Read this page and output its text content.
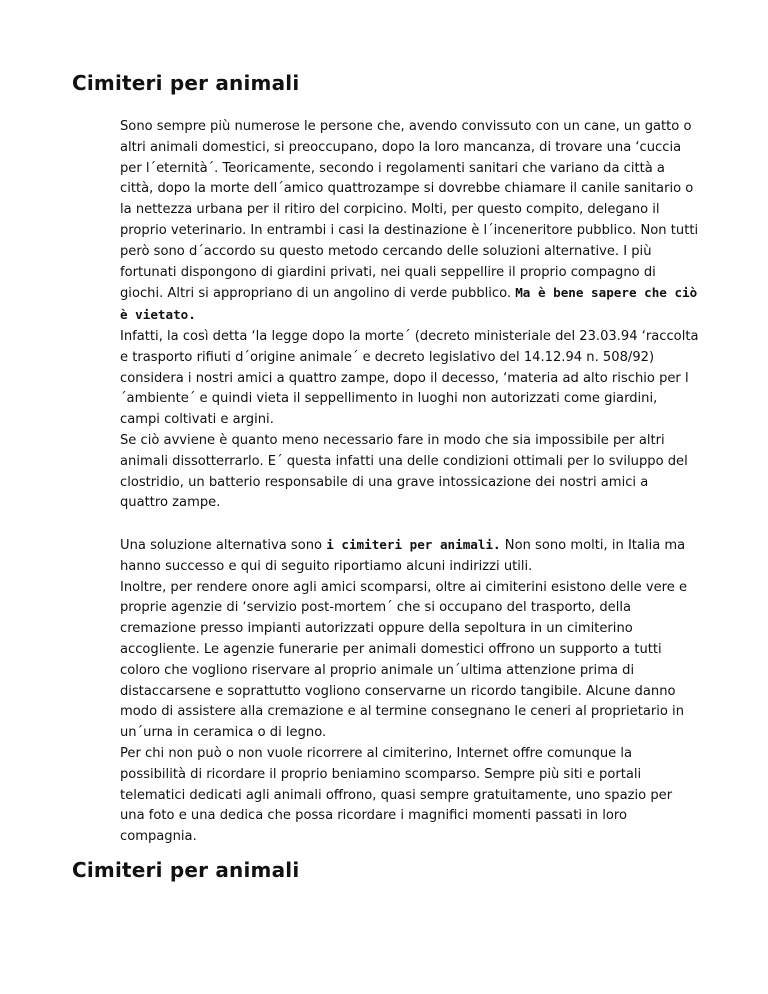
Cimiteri per animali

Sono sempre più numerose le persone che, avendo convissuto con un cane, un gatto o altri animali domestici, si preoccupano, dopo la loro mancanza, di trovare una ‘cuccia per l´eternità´. Teoricamente, secondo i regolamenti sanitari che variano da città a città, dopo la morte dell´amico quattrozampe si dovrebbe chiamare il canile sanitario o la nettezza urbana per il ritiro del corpicino. Molti, per questo compito, delegano il proprio veterinario. In entrambi i casi la destinazione è l´inceneritore pubblico. Non tutti però sono d´accordo su questo metodo cercando delle soluzioni alternative. I più fortunati dispongono di giardini privati, nei quali seppellire il proprio compagno di giochi. Altri si appropriano di un angolino di verde pubblico. Ma è bene sapere che ciò è vietato.

Infatti, la così detta ‘la legge dopo la morte´ (decreto ministeriale del 23.03.94 ‘raccolta e trasporto rifiuti d´origine animale´ e decreto legislativo del 14.12.94 n. 508/92) considera i nostri amici a quattro zampe, dopo il decesso, ‘materia ad alto rischio per l´ambiente´ e quindi vieta il seppellimento in luoghi non autorizzati come giardini, campi coltivati e argini.

Se ciò avviene è quanto meno necessario fare in modo che sia impossibile per altri animali dissotterrarlo. E´ questa infatti una delle condizioni ottimali per lo sviluppo del clostridio, un batterio responsabile di una grave intossicazione dei nostri amici a quattro zampe.

Una soluzione alternativa sono i cimiteri per animali. Non sono molti, in Italia ma hanno successo e qui di seguito riportiamo alcuni indirizzi utili.

Inoltre, per rendere onore agli amici scomparsi, oltre ai cimiterini esistono delle vere e proprie agenzie di ‘servizio post-mortem´ che si occupano del trasporto, della cremazione presso impianti autorizzati oppure della sepoltura in un cimiterino accogliente. Le agenzie funerarie per animali domestici offrono un supporto a tutti coloro che vogliono riservare al proprio animale un´ultima attenzione prima di distaccarsene e soprattutto vogliono conservarne un ricordo tangibile. Alcune danno modo di assistere alla cremazione e al termine consegnano le ceneri al proprietario in un´urna in ceramica o di legno.

Per chi non può o non vuole ricorrere al cimiterino, Internet offre comunque la possibilità di ricordare il proprio beniamino scomparso. Sempre più siti e portali telematici dedicati agli animali offrono, quasi sempre gratuitamente, uno spazio per una foto e una dedica che possa ricordare i magnifici momenti passati in loro compagnia.

Cimiteri per animali
